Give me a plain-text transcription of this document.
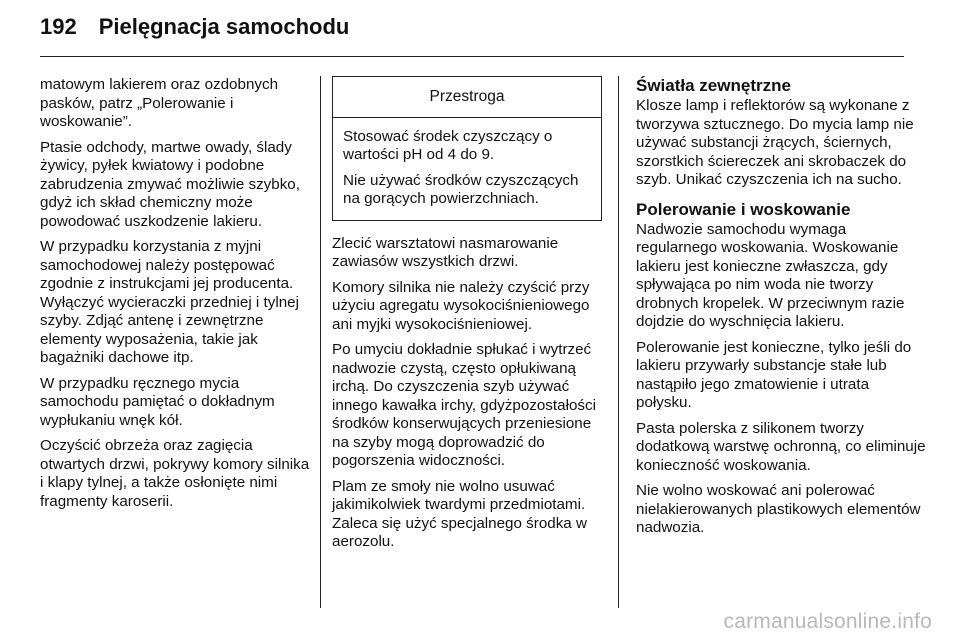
192 Pielęgnacja samochodu

matowym lakierem oraz ozdobnych pasków, patrz „Polerowanie i woskowanie”.

Ptasie odchody, martwe owady, ślady żywicy, pyłek kwiatowy i podobne zabrudzenia zmywać możliwie szybko, gdyż ich skład chemiczny może powodować uszkodzenie lakieru.

W przypadku korzystania z myjni samochodowej należy postępować zgodnie z instrukcjami jej producenta. Wyłączyć wycieraczki przedniej i tylnej szyby. Zdjąć antenę i zewnętrzne elementy wyposażenia, takie jak bagażniki dachowe itp.

W przypadku ręcznego mycia samochodu pamiętać o dokładnym wypłukaniu wnęk kół.

Oczyścić obrzeża oraz zagięcia otwartych drzwi, pokrywy komory silnika i klapy tylnej, a także osłonięte nimi fragmenty karoserii.

Przestroga

Stosować środek czyszczący o wartości pH od 4 do 9.

Nie używać środków czyszczących na gorących powierzchniach.

Zlecić warsztatowi nasmarowanie zawiasów wszystkich drzwi.

Komory silnika nie należy czyścić przy użyciu agregatu wysokociśnieniowego ani myjki wysokociśnieniowej.

Po umyciu dokładnie spłukać i wytrzeć nadwozie czystą, często opłukiwaną irchą. Do czyszczenia szyb używać innego kawałka irchy, gdyżpozostałości środków konserwujących przeniesione na szyby mogą doprowadzić do pogorszenia widoczności.

Plam ze smoły nie wolno usuwać jakimikolwiek twardymi przedmiotami. Zaleca się użyć specjalnego środka w aerozolu.

Światła zewnętrzne

Klosze lamp i reflektorów są wykonane z tworzywa sztucznego. Do mycia lamp nie używać substancji żrących, ściernych, szorstkich ściereczek ani skrobaczek do szyb. Unikać czyszczenia ich na sucho.

Polerowanie i woskowanie

Nadwozie samochodu wymaga regularnego woskowania. Woskowanie lakieru jest konieczne zwłaszcza, gdy spływająca po nim woda nie tworzy drobnych kropelek. W przeciwnym razie dojdzie do wyschnięcia lakieru.

Polerowanie jest konieczne, tylko jeśli do lakieru przywarły substancje stałe lub nastąpiło jego zmatowienie i utrata połysku.

Pasta polerska z silikonem tworzy dodatkową warstwę ochronną, co eliminuje konieczność woskowania.

Nie wolno woskować ani polerować nielakierowanych plastikowych elementów nadwozia.

carmanualsonline.info
